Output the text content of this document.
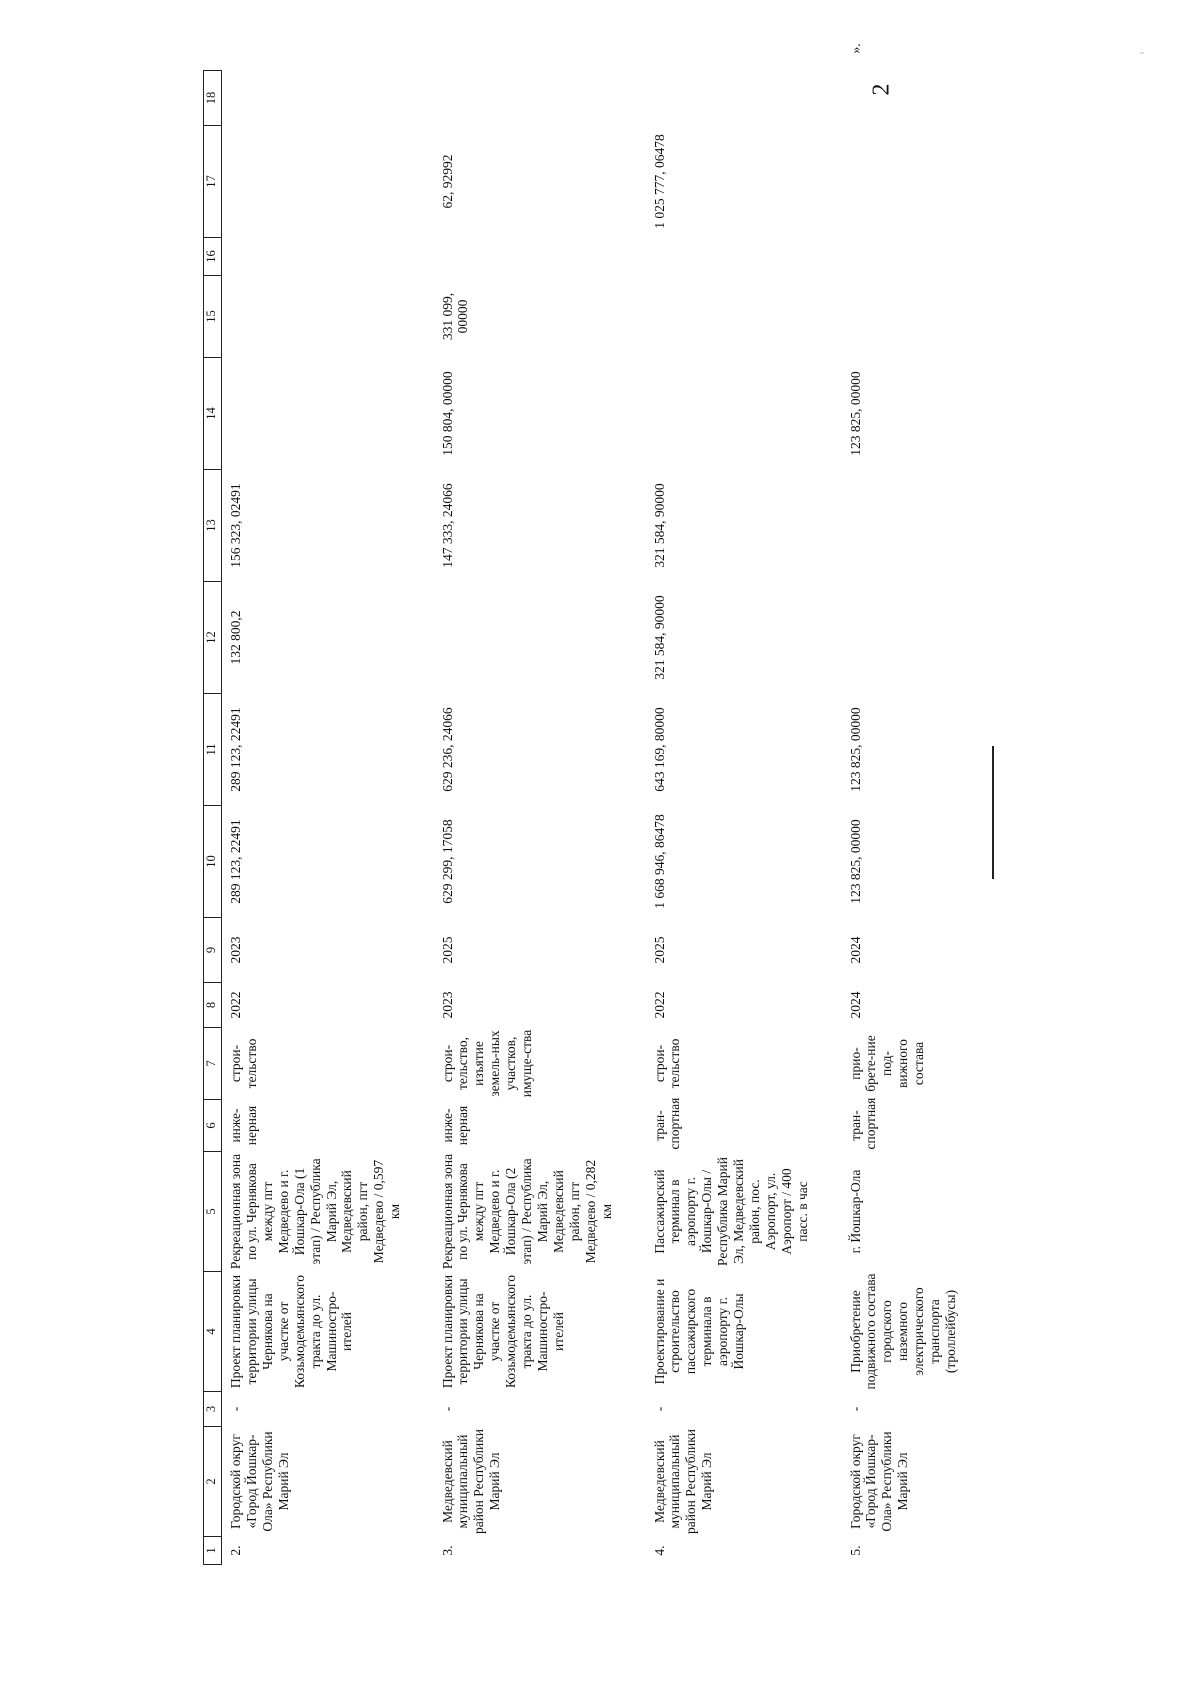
2
1	2	3	4	5	6	7	8	9	10	11	12	13	14	15	16	17	18
2.	Городской округ «Город Йошкар-Ола» Республики Марий Эл	-	Проект планировки территории улицы Чернякова на участке от Козьмодемьянского тракта до ул. Машиностро-ителей	Рекреационная зона по ул. Чернякова между пгт Медведево и г. Йошкар-Ола (1 этап) / Республика Марий Эл, Медведевский район, пгт Медведево / 0,597 км	инже-нерная	строи-тельство	2022	2023	289 123, 22491	289 123, 22491	132 800,2	156 323, 02491					
3.	Медведевский муниципальный район Республики Марий Эл	-	Проект планировки территории улицы Чернякова на участке от Козьмодемьянского тракта до ул. Машиностро-ителей	Рекреационная зона по ул. Чернякова между пгт Медведево и г. Йошкар-Ола (2 этап) / Республика Марий Эл, Медведевский район, пгт Медведево / 0,282 км	инже-нерная	строи-тельство, изъятие земель-ных участков, имуще-ства	2023	2025	629 299, 17058	629 236, 24066		147 333, 24066	150 804, 00000	331 099, 00000		62, 92992	
4.	Медведевский муниципальный район Республики Марий Эл	-	Проектирование и строительство пассажирского терминала в аэропорту г. Йошкар-Олы	Пассажирский терминал в аэропорту г. Йошкар-Олы / Республика Марий Эл, Медведевский район, пос. Аэропорт, ул. Аэропорт / 400 пасс. в час	тран-спортная	строи-тельство	2022	2025	1 668 946, 86478	643 169, 80000	321 584, 90000	321 584, 90000				1 025 777, 06478	
5.	Городской округ «Город Йошкар-Ола» Республики Марий Эл	-	Приобретение подвижного состава городского наземного электрического транспорта (троллейбусы)	г. Йошкар-Ола	тран-спортная	прио-брете-ние под-вижного состава	2024	2024	123 825, 00000	123 825, 00000			123 825, 00000				».	‹
